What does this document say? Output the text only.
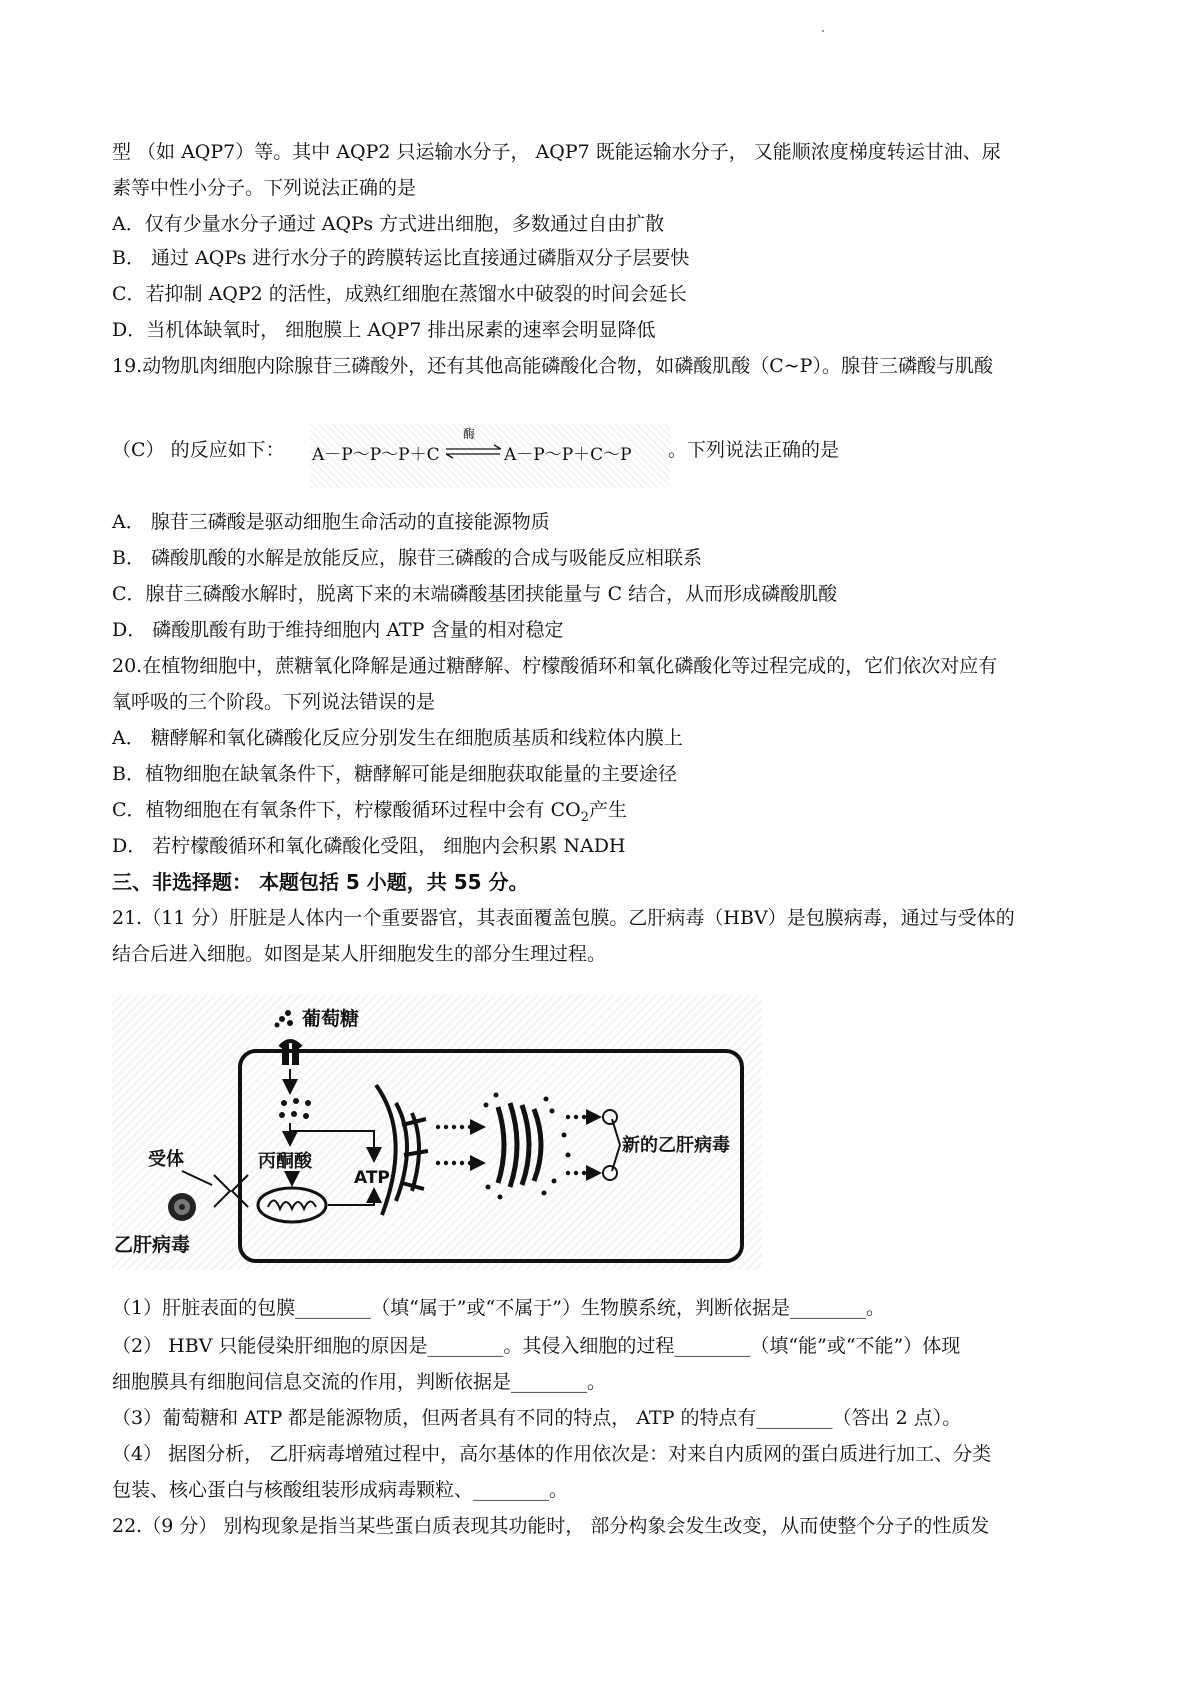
型 （如 AQP7）等。其中 AQP2 只运输水分子， AQP7 既能运输水分子， 又能顺浓度梯度转运甘油、尿
素等中性小分子。下列说法正确的是
A．仅有少量水分子通过 AQPs 方式进出细胞，多数通过自由扩散
B． 通过 AQPs 进行水分子的跨膜转运比直接通过磷脂双分子层要快
C．若抑制 AQP2 的活性，成熟红细胞在蒸馏水中破裂的时间会延长
D．当机体缺氧时， 细胞膜上 AQP7 排出尿素的速率会明显降低
19.动物肌肉细胞内除腺苷三磷酸外，还有其他高能磷酸化合物，如磷酸肌酸（C~P）。腺苷三磷酸与肌酸
（C） 的反应如下：	A－P～P～P＋C
酶
A－P～P＋C～P 。下列说法正确的是
A． 腺苷三磷酸是驱动细胞生命活动的直接能源物质
B． 磷酸肌酸的水解是放能反应，腺苷三磷酸的合成与吸能反应相联系
C．腺苷三磷酸水解时，脱离下来的末端磷酸基团挟能量与 C 结合，从而形成磷酸肌酸
D． 磷酸肌酸有助于维持细胞内 ATP 含量的相对稳定
20.在植物细胞中，蔗糖氧化降解是通过糖酵解、柠檬酸循环和氧化磷酸化等过程完成的，它们依次对应有
氧呼吸的三个阶段。下列说法错误的是
A． 糖酵解和氧化磷酸化反应分别发生在细胞质基质和线粒体内膜上
B．植物细胞在缺氧条件下，糖酵解可能是细胞获取能量的主要途径
C．植物细胞在有氧条件下，柠檬酸循环过程中会有 $CO_2$产生
D． 若柠檬酸循环和氧化磷酸化受阻， 细胞内会积累 NADH
三、非选择题： 本题包括 5 小题，共 55 分。
21.（11 分）肝脏是人体内一个重要器官，其表面覆盖包膜。乙肝病毒（HBV）是包膜病毒，通过与受体的
结合后进入细胞。如图是某人肝细胞发生的部分生理过程。
葡萄糖
丙酮酸
ATP
受体
乙肝病毒
新的乙肝病毒
（1）肝脏表面的包膜________（填“属于”或“不属于”）生物膜系统，判断依据是________。
（2） HBV 只能侵染肝细胞的原因是________。其侵入细胞的过程________（填“能”或“不能”）体现
细胞膜具有细胞间信息交流的作用，判断依据是________。
（3）葡萄糖和 ATP 都是能源物质，但两者具有不同的特点， ATP 的特点有________（答出 2 点）。
（4） 据图分析， 乙肝病毒增殖过程中，高尔基体的作用依次是：对来自内质网的蛋白质进行加工、分类
包装、核心蛋白与核酸组装形成病毒颗粒、________。
22.（9 分） 别构现象是指当某些蛋白质表现其功能时， 部分构象会发生改变，从而使整个分子的性质发
